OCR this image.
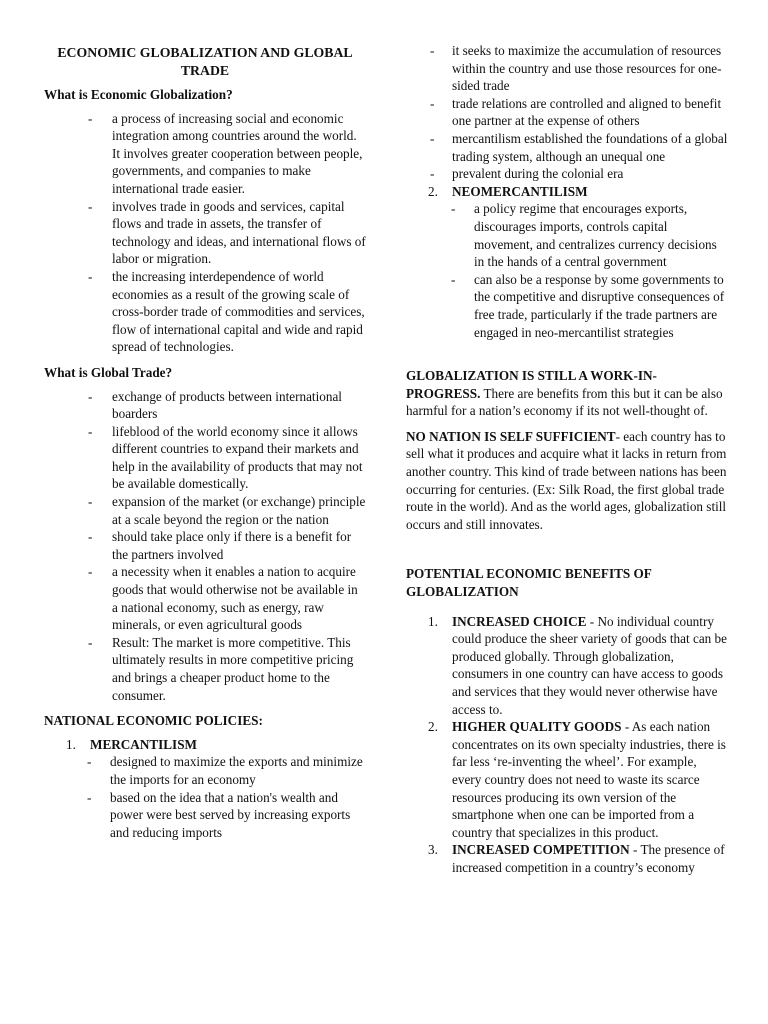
ECONOMIC GLOBALIZATION AND GLOBAL TRADE
What is Economic Globalization?
- a process of increasing social and economic integration among countries around the world. It involves greater cooperation between people, governments, and companies to make international trade easier.
- involves trade in goods and services, capital flows and trade in assets, the transfer of technology and ideas, and international flows of labor or migration.
- the increasing interdependence of world economies as a result of the growing scale of cross-border trade of commodities and services, flow of international capital and wide and rapid spread of technologies.
What is Global Trade?
- exchange of products between international boarders
- lifeblood of the world economy since it allows different countries to expand their markets and help in the availability of products that may not be available domestically.
- expansion of the market (or exchange) principle at a scale beyond the region or the nation
- should take place only if there is a benefit for the partners involved
- a necessity when it enables a nation to acquire goods that would otherwise not be available in a national economy, such as energy, raw minerals, or even agricultural goods
- Result: The market is more competitive. This ultimately results in more competitive pricing and brings a cheaper product home to the consumer.
NATIONAL ECONOMIC POLICIES:
1. MERCANTILISM
- designed to maximize the exports and minimize the imports for an economy
- based on the idea that a nation's wealth and power were best served by increasing exports and reducing imports
- it seeks to maximize the accumulation of resources within the country and use those resources for one-sided trade
- trade relations are controlled and aligned to benefit one partner at the expense of others
- mercantilism established the foundations of a global trading system, although an unequal one
- prevalent during the colonial era
2. NEOMERCANTILISM
- a policy regime that encourages exports, discourages imports, controls capital movement, and centralizes currency decisions in the hands of a central government
- can also be a response by some governments to the competitive and disruptive consequences of free trade, particularly if the trade partners are engaged in neo-mercantilist strategies

GLOBALIZATION IS STILL A WORK-IN-PROGRESS. There are benefits from this but it can be also harmful for a nation’s economy if its not well-thought of.

NO NATION IS SELF SUFFICIENT- each country has to sell what it produces and acquire what it lacks in return from another country. This kind of trade between nations has been occurring for centuries. (Ex: Silk Road, the first global trade route in the world). And as the world ages, globalization still occurs and still innovates.

POTENTIAL ECONOMIC BENEFITS OF GLOBALIZATION
1. INCREASED CHOICE - No individual country could produce the sheer variety of goods that can be produced globally. Through globalization, consumers in one country can have access to goods and services that they would never otherwise have access to.
2. HIGHER QUALITY GOODS - As each nation concentrates on its own specialty industries, there is far less ‘re-inventing the wheel’. For example, every country does not need to waste its scarce resources producing its own version of the smartphone when one can be imported from a country that specializes in this product.
3. INCREASED COMPETITION - The presence of increased competition in a country’s economy
